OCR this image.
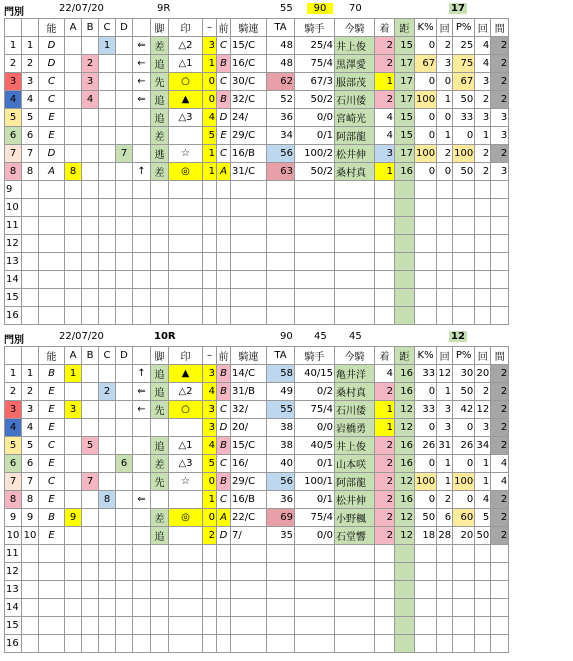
門別	22/07/20	9R	55	90	70	17
		能	A	B	C	D		脚	印	–	前	騎連	TA	騎手	今騎	着	距	K%	回	P%	回	間
1	1	D			1		⇐	差	△2	3	C	15/C	48	25/4	井上俊	2	15	0	2	25	4	2
2	2	D		2			←	追	△1	1	B	16/C	48	75/4	黒澤愛	2	17	67	3	75	4	2
3	3	C		3			←	先	○	0	C	30/C	62	67/3	服部茂	1	17	0	0	67	3	2
4	4	C		4			⇐	追	▲	0	B	32/C	52	50/2	石川倭	2	17	100	1	50	2	2
5	5	E						追	△3	4	D	24/	36	0/0	宮崎光	4	15	0	0	33	3	3
6	6	E						差		5	E	29/C	34	0/1	阿部龍	4	15	0	1	0	1	3
7	7	D				7		逃	☆	1	C	16/B	56	100/2	松井伸	3	17	100	2	100	2	2
8	8	A	8				↑	差	◎	1	A	31/C	63	50/2	桑村真	1	16	0	0	50	2	3
9																						
10																						
11																						
12																						
13																						
14																						
15																						
16																						
門別	22/07/20	10R	90 45 45	12
		能	A	B	C	D		脚	印	–	前	騎連	TA	騎手	今騎	着	距	K%	回	P%	回	間
1	1	B	1				↑	追	▲	3	B	14/C	58	40/15	亀井洋	4	16	33	12	30	20	2
2	2	E			2		⇐	追	△2	4	B	31/B	49	0/2	桑村真	2	16	0	1	50	2	2
3	3	E	3				←	先	○	3	C	32/	55	75/4	石川倭	1	12	33	3	42	12	2
4	4	E								3	D	20/	38	0/0	岩橋勇	1	12	0	3	0	3	2
5	5	C		5				追	△1	4	B	15/C	38	40/5	井上俊	2	16	26	31	26	34	2
6	6	E				6		差	△3	5	C	16/	40	0/1	山本咲	2	16	0	1	0	1	4
7	7	C		7				先	☆	0	B	29/C	56	100/1	阿部龍	2	12	100	1	100	1	4
8	8	E			8		⇐			1	C	16/B	36	0/1	松井伸	2	16	0	2	0	4	2
9	9	B	9					差	◎	0	A	22/C	69	75/4	小野楓	2	12	50	6	60	5	2
10	10	E						追		2	D	7/	35	0/0	石堂響	2	12	18	28	20	50	2
11																						
12																						
13																						
14																						
15																						
16																						
